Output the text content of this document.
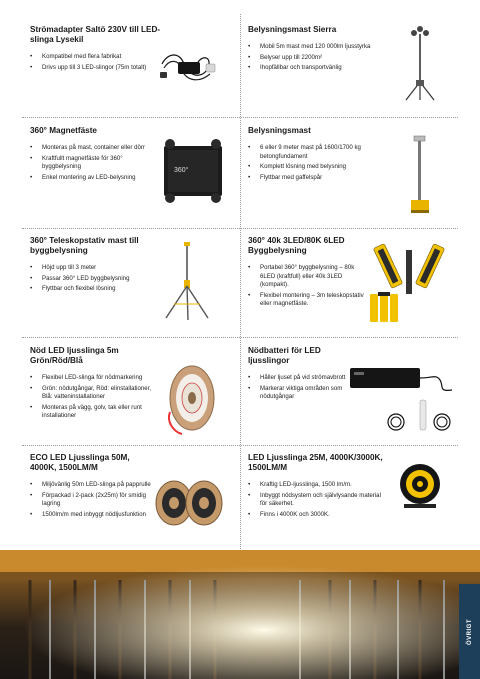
Strömadapter Saltö 230V till LED-slinga Lysekil
• Kompatibel med flera fabrikat
• Drivs upp till 3 LED-slingor (75m totalt)
Belysningsmast Sierra
• Mobil 5m mast med 120 000lm ljusstyrka
• Belyser upp till 2200m²
• Ihopfällbar och transportvänlig
360° Magnetfäste
• Monteras på mast, container eller dörr
• Kraftfullt magnetfäste för 360° byggbelysning
• Enkel montering av LED-belysning
360°
Belysningsmast
• 6 eller 9 meter mast på 1600/1700 kg betongfundament
• Komplett lösning med belysning
• Flyttbar med gaffelspår
360° Teleskopstativ mast till byggbelysning
• Höjd upp till 3 meter
• Passar 360° LED byggbelysning
• Flyttbar och flexibel lösning
360° 40k 3LED/80K 6LED Byggbelysning
• Portabel 360° byggbelysning – 80k 6LED (kraftfull) eller 40k 3LED (kompakt).
• Flexibel montering – 3m teleskopstativ eller magnetfäste.
Nöd LED ljusslinga 5m Grön/Röd/Blå
• Flexibel LED-slinga för nödmarkering
• Grön: nödutgångar, Röd: elinstallationer, Blå: vatteninstallationer
• Monteras på vägg, golv, tak eller runt installationer
Nödbatteri för LED ljusslingor
• Håller ljuset på vid strömavbrott
• Markerar viktiga områden som nödutgångar
ECO LED Ljusslinga 50M, 4000K, 1500LM/M
• Miljövänlig 50m LED-slinga på papprulle
• Förpackad i 2-pack (2x25m) för smidig lagring
• 1500lm/m med inbyggt nödljusfunktion
LED Ljusslinga 25M, 4000K/3000K, 1500LM/M
• Kraftig LED-ljusslinga, 1500 lm/m.
• Inbyggt nödsystem och självlysande material för säkerhet.
• Finns i 4000K och 3000K.
ÖVRIGT
